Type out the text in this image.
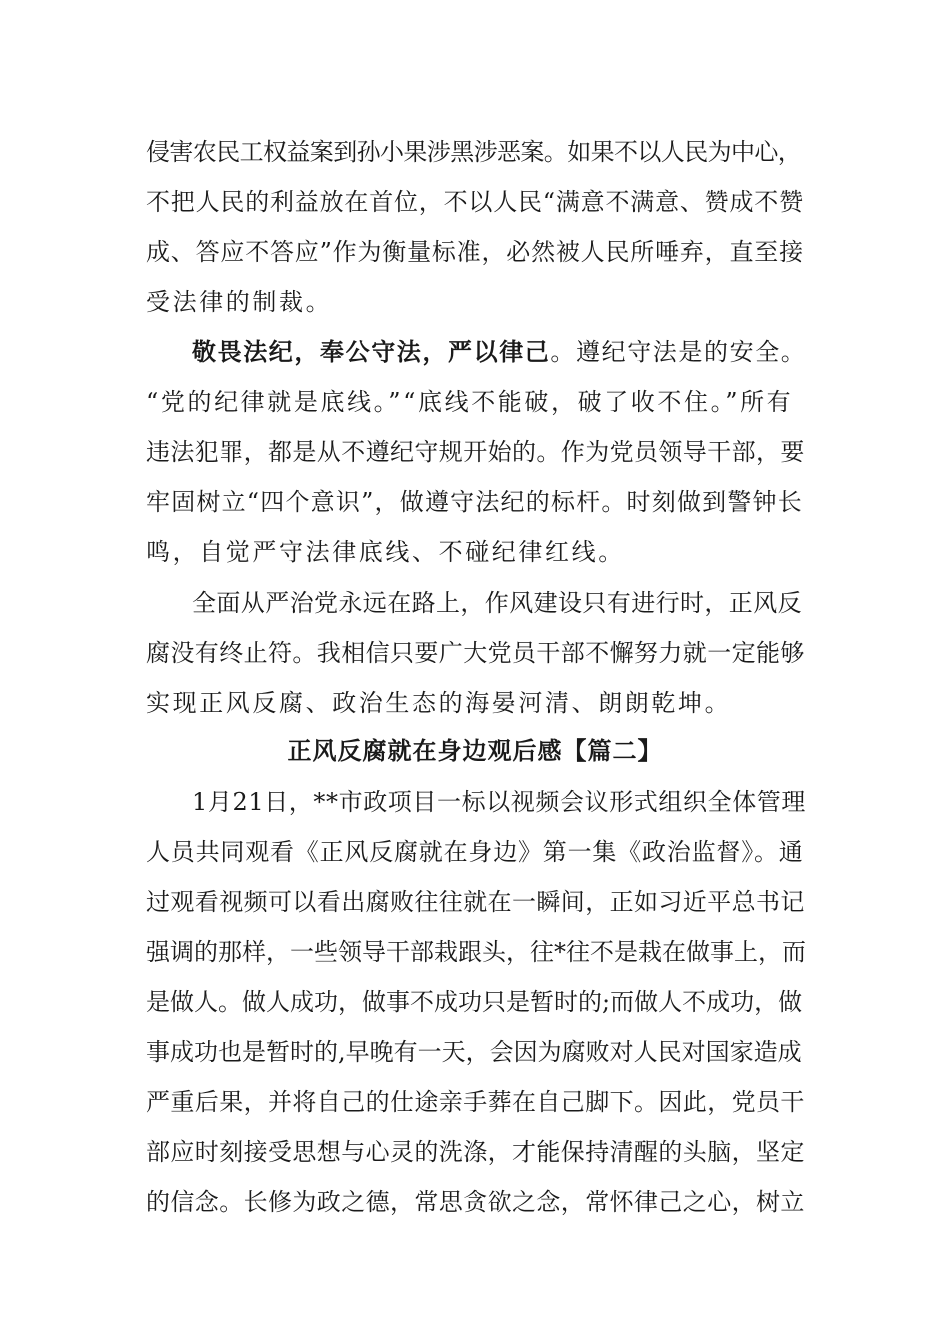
侵害农民工权益案到孙小果涉黑涉恶案。如果不以人民为中心，
不把人民的利益放在首位，不以人民“满意不满意、赞成不赞
成、答应不答应”作为衡量标准，必然被人民所唾弃，直至接
受法律的制裁。
敬畏法纪，奉公守法，严以律己。遵纪守法是的安全。
“党的纪律就是底线。”“底线不能破，破了收不住。”所有
违法犯罪，都是从不遵纪守规开始的。作为党员领导干部，要
牢固树立“四个意识”，做遵守法纪的标杆。时刻做到警钟长
鸣，自觉严守法律底线、不碰纪律红线。
全面从严治党永远在路上，作风建设只有进行时，正风反
腐没有终止符。我相信只要广大党员干部不懈努力就一定能够
实现正风反腐、政治生态的海晏河清、朗朗乾坤。
正风反腐就在身边观后感【篇二】
1月21日，**市政项目一标以视频会议形式组织全体管理
人员共同观看《正风反腐就在身边》第一集《政治监督》。通
过观看视频可以看出腐败往往就在一瞬间，正如习近平总书记
强调的那样，一些领导干部栽跟头，往*往不是栽在做事上，而
是做人。做人成功，做事不成功只是暂时的;而做人不成功，做
事成功也是暂时的,早晚有一天，会因为腐败对人民对国家造成
严重后果，并将自己的仕途亲手葬在自己脚下。因此，党员干
部应时刻接受思想与心灵的洗涤，才能保持清醒的头脑，坚定
的信念。长修为政之德，常思贪欲之念，常怀律己之心，树立
